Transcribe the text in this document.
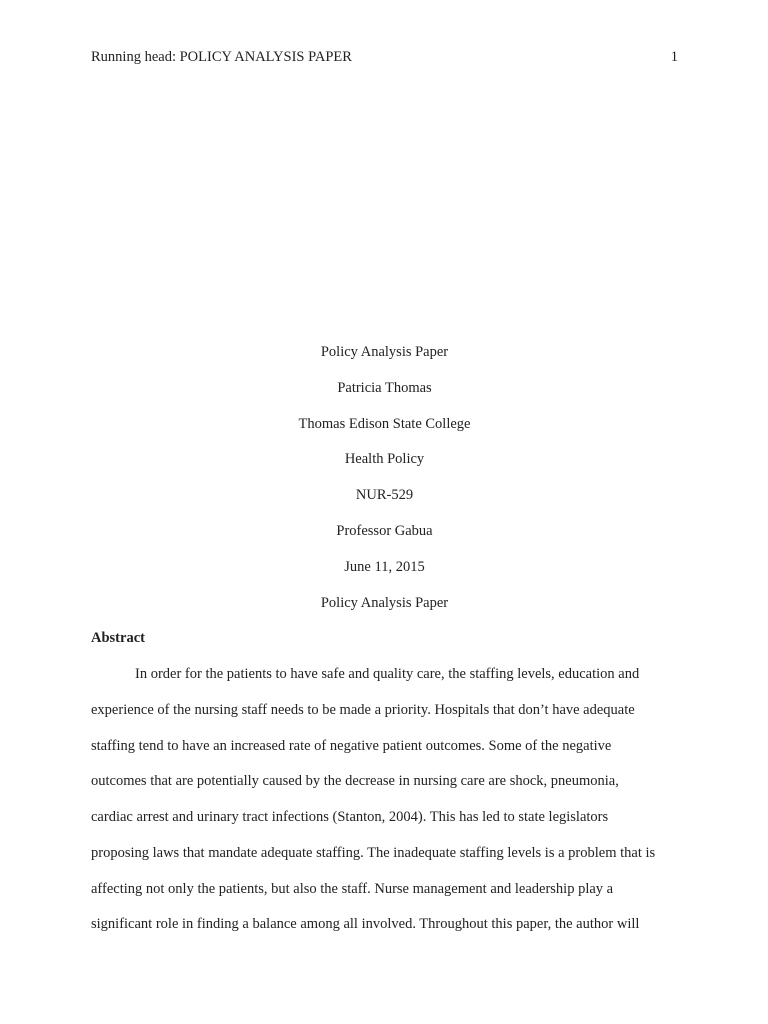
Running head: POLICY ANALYSIS PAPER	1
Policy Analysis Paper
Patricia Thomas
Thomas Edison State College
Health Policy
NUR-529
Professor Gabua
June 11, 2015
Policy Analysis Paper
Abstract
In order for the patients to have safe and quality care, the staffing levels, education and
experience of the nursing staff needs to be made a priority. Hospitals that don’t have adequate
staffing tend to have an increased rate of negative patient outcomes. Some of the negative
outcomes that are potentially caused by the decrease in nursing care are shock, pneumonia,
cardiac arrest and urinary tract infections (Stanton, 2004). This has led to state legislators
proposing laws that mandate adequate staffing. The inadequate staffing levels is a problem that is
affecting not only the patients, but also the staff. Nurse management and leadership play a
significant role in finding a balance among all involved. Throughout this paper, the author will
